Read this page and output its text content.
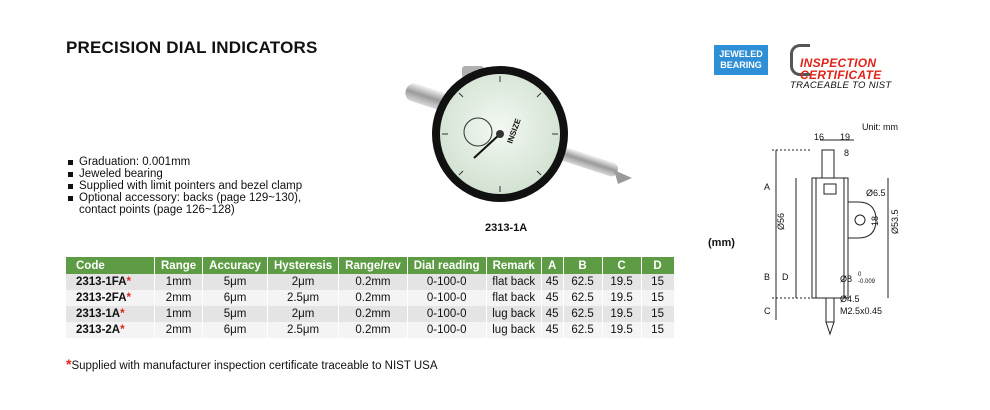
PRECISION DIAL INDICATORS
INSIZE
2313-1A
JEWELED
BEARING	INSPECTION
CERTIFICATE
TRACEABLE TO NIST
Graduation: 0.001mm
Jeweled bearing
Supplied with limit pointers and bezel clamp
Optional accessory: backs (page 129~130),
contact points (page 126~128)
(mm)
Code	Range	Accuracy	Hysteresis	Range/rev	Dial reading	Remark	A	B	C	D
2313-1FA*	1mm	5μm	2μm	0.2mm	0-100-0	flat back	45	62.5	19.5	15
2313-2FA*	2mm	6μm	2.5μm	0.2mm	0-100-0	flat back	45	62.5	19.5	15
2313-1A*	1mm	5μm	2μm	0.2mm	0-100-0	lug back	45	62.5	19.5	15
2313-2A*	2mm	6μm	2.5μm	0.2mm	0-100-0	lug back	45	62.5	19.5	15
*Supplied with manufacturer inspection certificate traceable to NIST USA
Unit: mm
A
B
C
D
Ø56
16 19
8
Ø6.5
18 Ø53.5
Ø8 0
-0.009
Ø4.5
M2.5x0.45
